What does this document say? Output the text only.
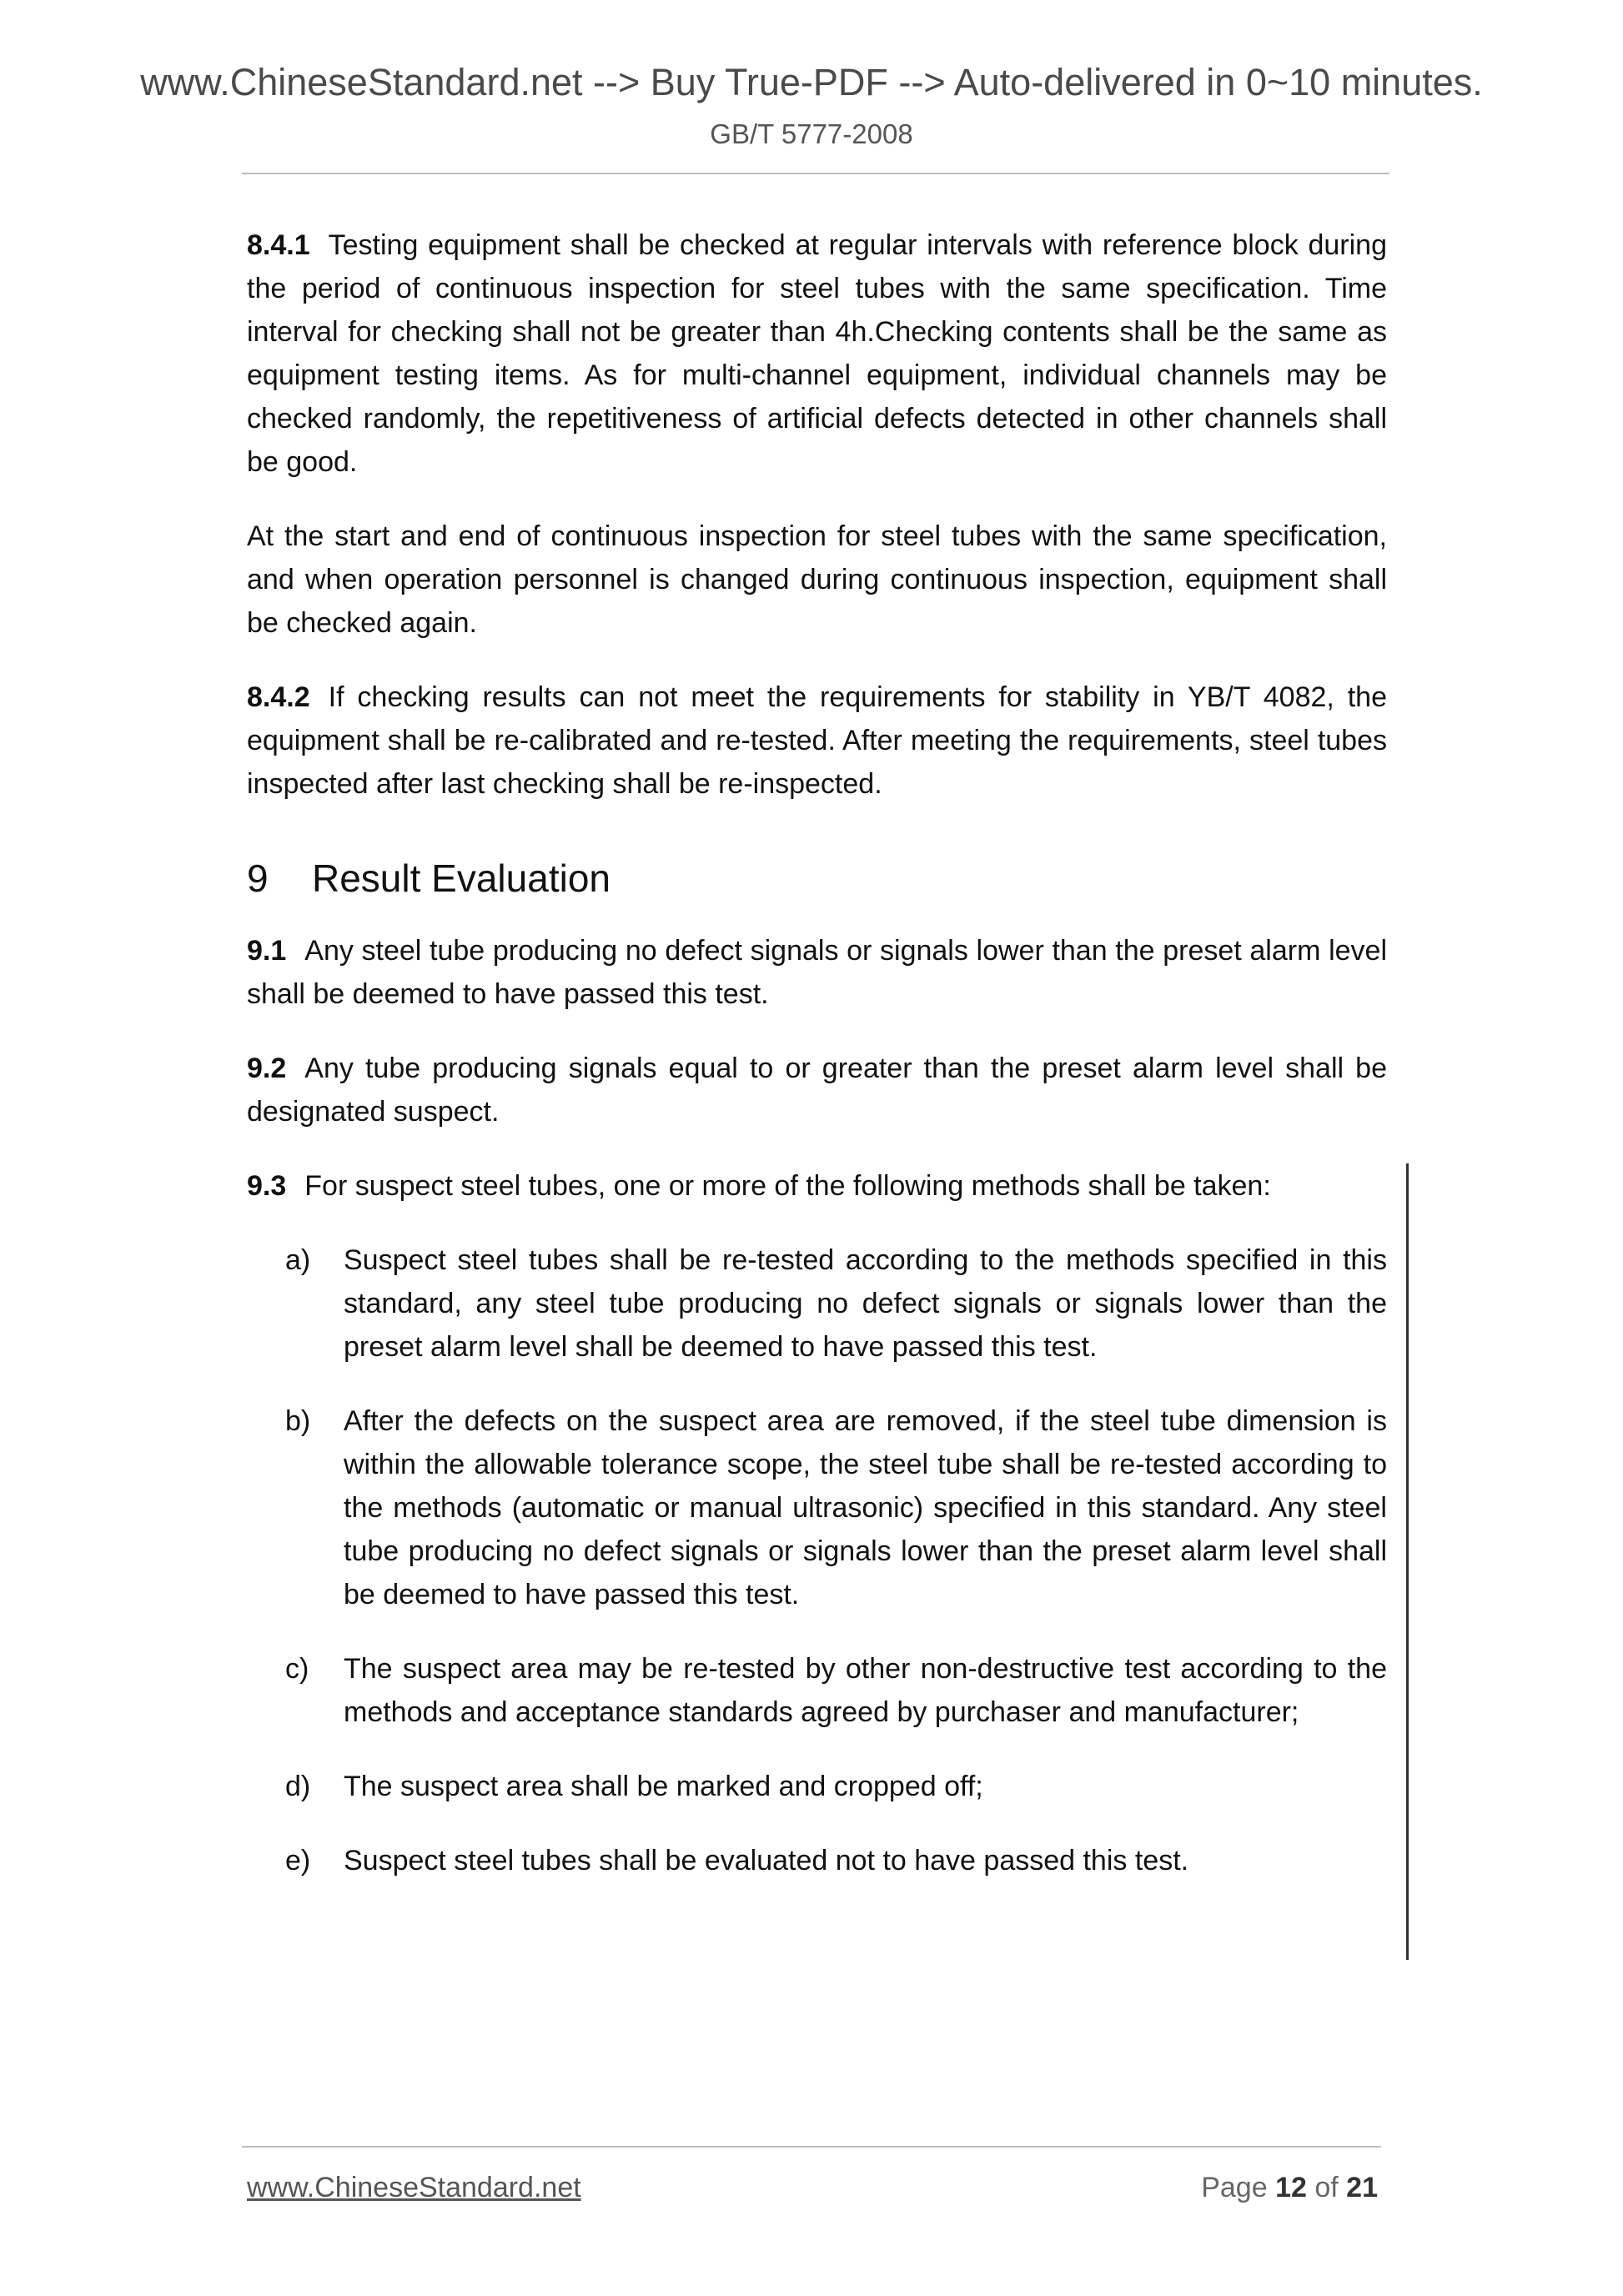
www.ChineseStandard.net --> Buy True-PDF --> Auto-delivered in 0~10 minutes.
GB/T 5777-2008

8.4.1 Testing equipment shall be checked at regular intervals with reference block during the period of continuous inspection for steel tubes with the same specification. Time interval for checking shall not be greater than 4h.Checking contents shall be the same as equipment testing items. As for multi-channel equipment, individual channels may be checked randomly, the repetitiveness of artificial defects detected in other channels shall be good.

At the start and end of continuous inspection for steel tubes with the same specification, and when operation personnel is changed during continuous inspection, equipment shall be checked again.

8.4.2 If checking results can not meet the requirements for stability in YB/T 4082, the equipment shall be re-calibrated and re-tested. After meeting the requirements, steel tubes inspected after last checking shall be re-inspected.

9 Result Evaluation

9.1 Any steel tube producing no defect signals or signals lower than the preset alarm level shall be deemed to have passed this test.

9.2 Any tube producing signals equal to or greater than the preset alarm level shall be designated suspect.

9.3 For suspect steel tubes, one or more of the following methods shall be taken:

a) Suspect steel tubes shall be re-tested according to the methods specified in this standard, any steel tube producing no defect signals or signals lower than the preset alarm level shall be deemed to have passed this test.
b) After the defects on the suspect area are removed, if the steel tube dimension is within the allowable tolerance scope, the steel tube shall be re-tested according to the methods (automatic or manual ultrasonic) specified in this standard. Any steel tube producing no defect signals or signals lower than the preset alarm level shall be deemed to have passed this test.
c) The suspect area may be re-tested by other non-destructive test according to the methods and acceptance standards agreed by purchaser and manufacturer;
d) The suspect area shall be marked and cropped off;
e) Suspect steel tubes shall be evaluated not to have passed this test.
www.ChineseStandard.net	Page 12 of 21
